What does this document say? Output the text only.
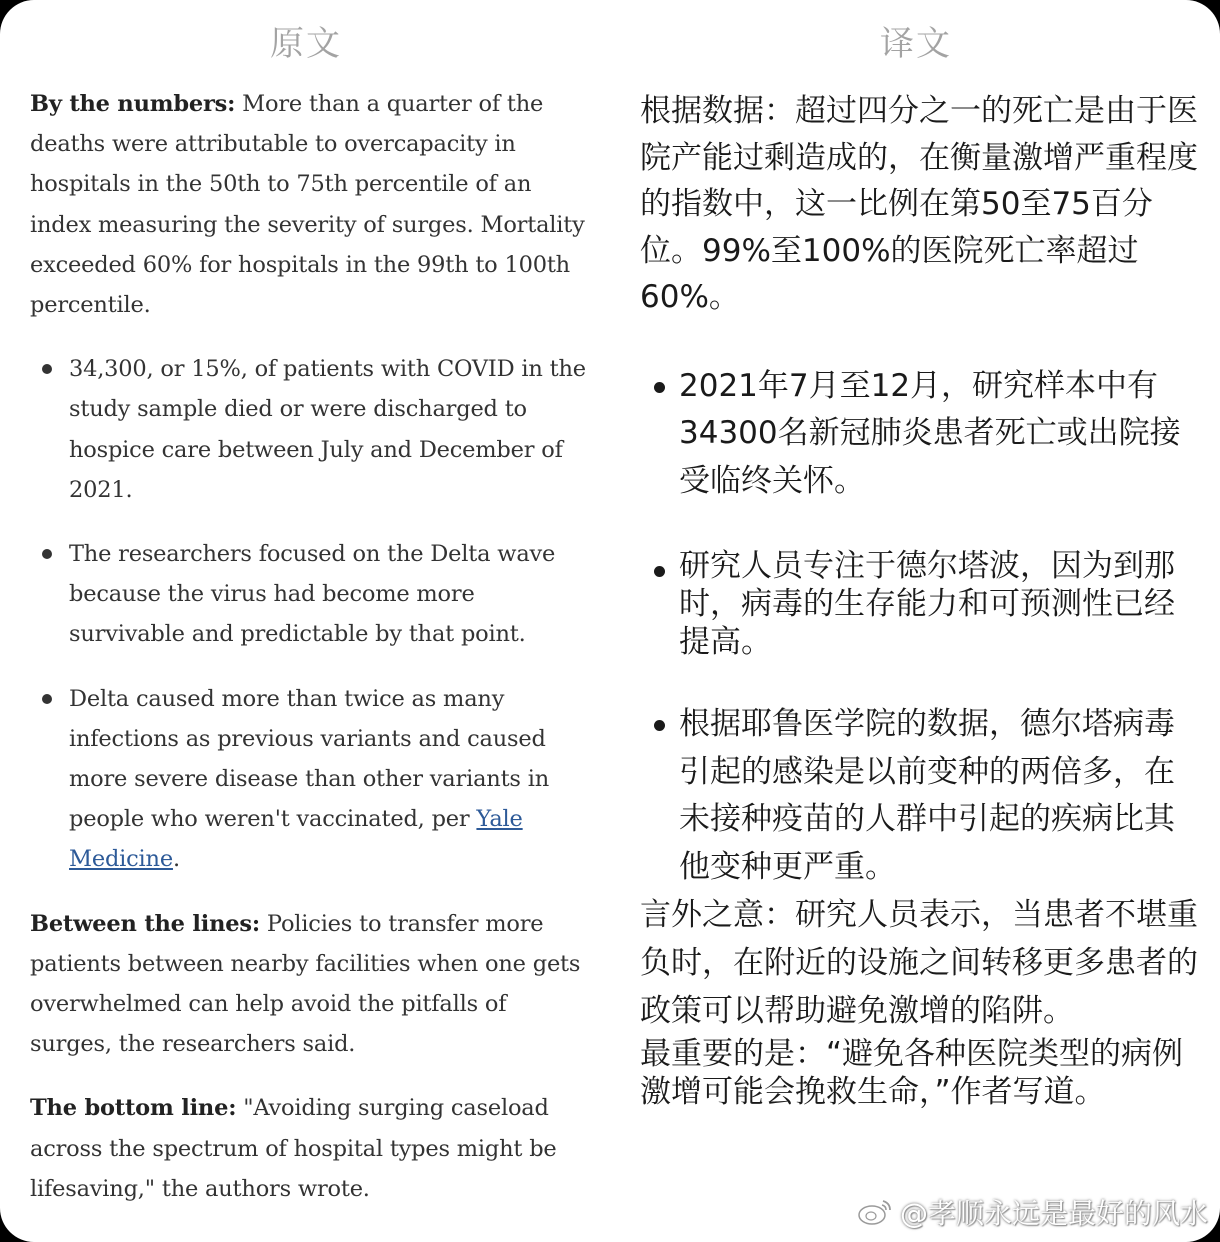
原文	译文

By the numbers: More than a quarter of the deaths were attributable to overcapacity in hospitals in the 50th to 75th percentile of an index measuring the severity of surges. Mortality exceeded 60% for hospitals in the 99th to 100th percentile.

34,300, or 15%, of patients with COVID in the study sample died or were discharged to hospice care between July and December of 2021.
The researchers focused on the Delta wave because the virus had become more survivable and predictable by that point.
Delta caused more than twice as many infections as previous variants and caused more severe disease than other variants in people who weren't vaccinated, per Yale Medicine.

Between the lines: Policies to transfer more patients between nearby facilities when one gets overwhelmed can help avoid the pitfalls of surges, the researchers said.

The bottom line: "Avoiding surging caseload across the spectrum of hospital types might be lifesaving," the authors wrote.

根据数据：超过四分之一的死亡是由于医院产能过剩造成的，在衡量激增严重程度的指数中，这一比例在第50至75百分位。99%至100%的医院死亡率超过60%。

2021年7月至12月，研究样本中有34300名新冠肺炎患者死亡或出院接受临终关怀。
研究人员专注于德尔塔波，因为到那时，病毒的生存能力和可预测性已经提高。
根据耶鲁医学院的数据，德尔塔病毒引起的感染是以前变种的两倍多，在未接种疫苗的人群中引起的疾病比其他变种更严重。

言外之意：研究人员表示，当患者不堪重负时，在附近的设施之间转移更多患者的政策可以帮助避免激增的陷阱。

最重要的是：“避免各种医院类型的病例激增可能会挽救生命，”作者写道。

@孝顺永远是最好的风水
